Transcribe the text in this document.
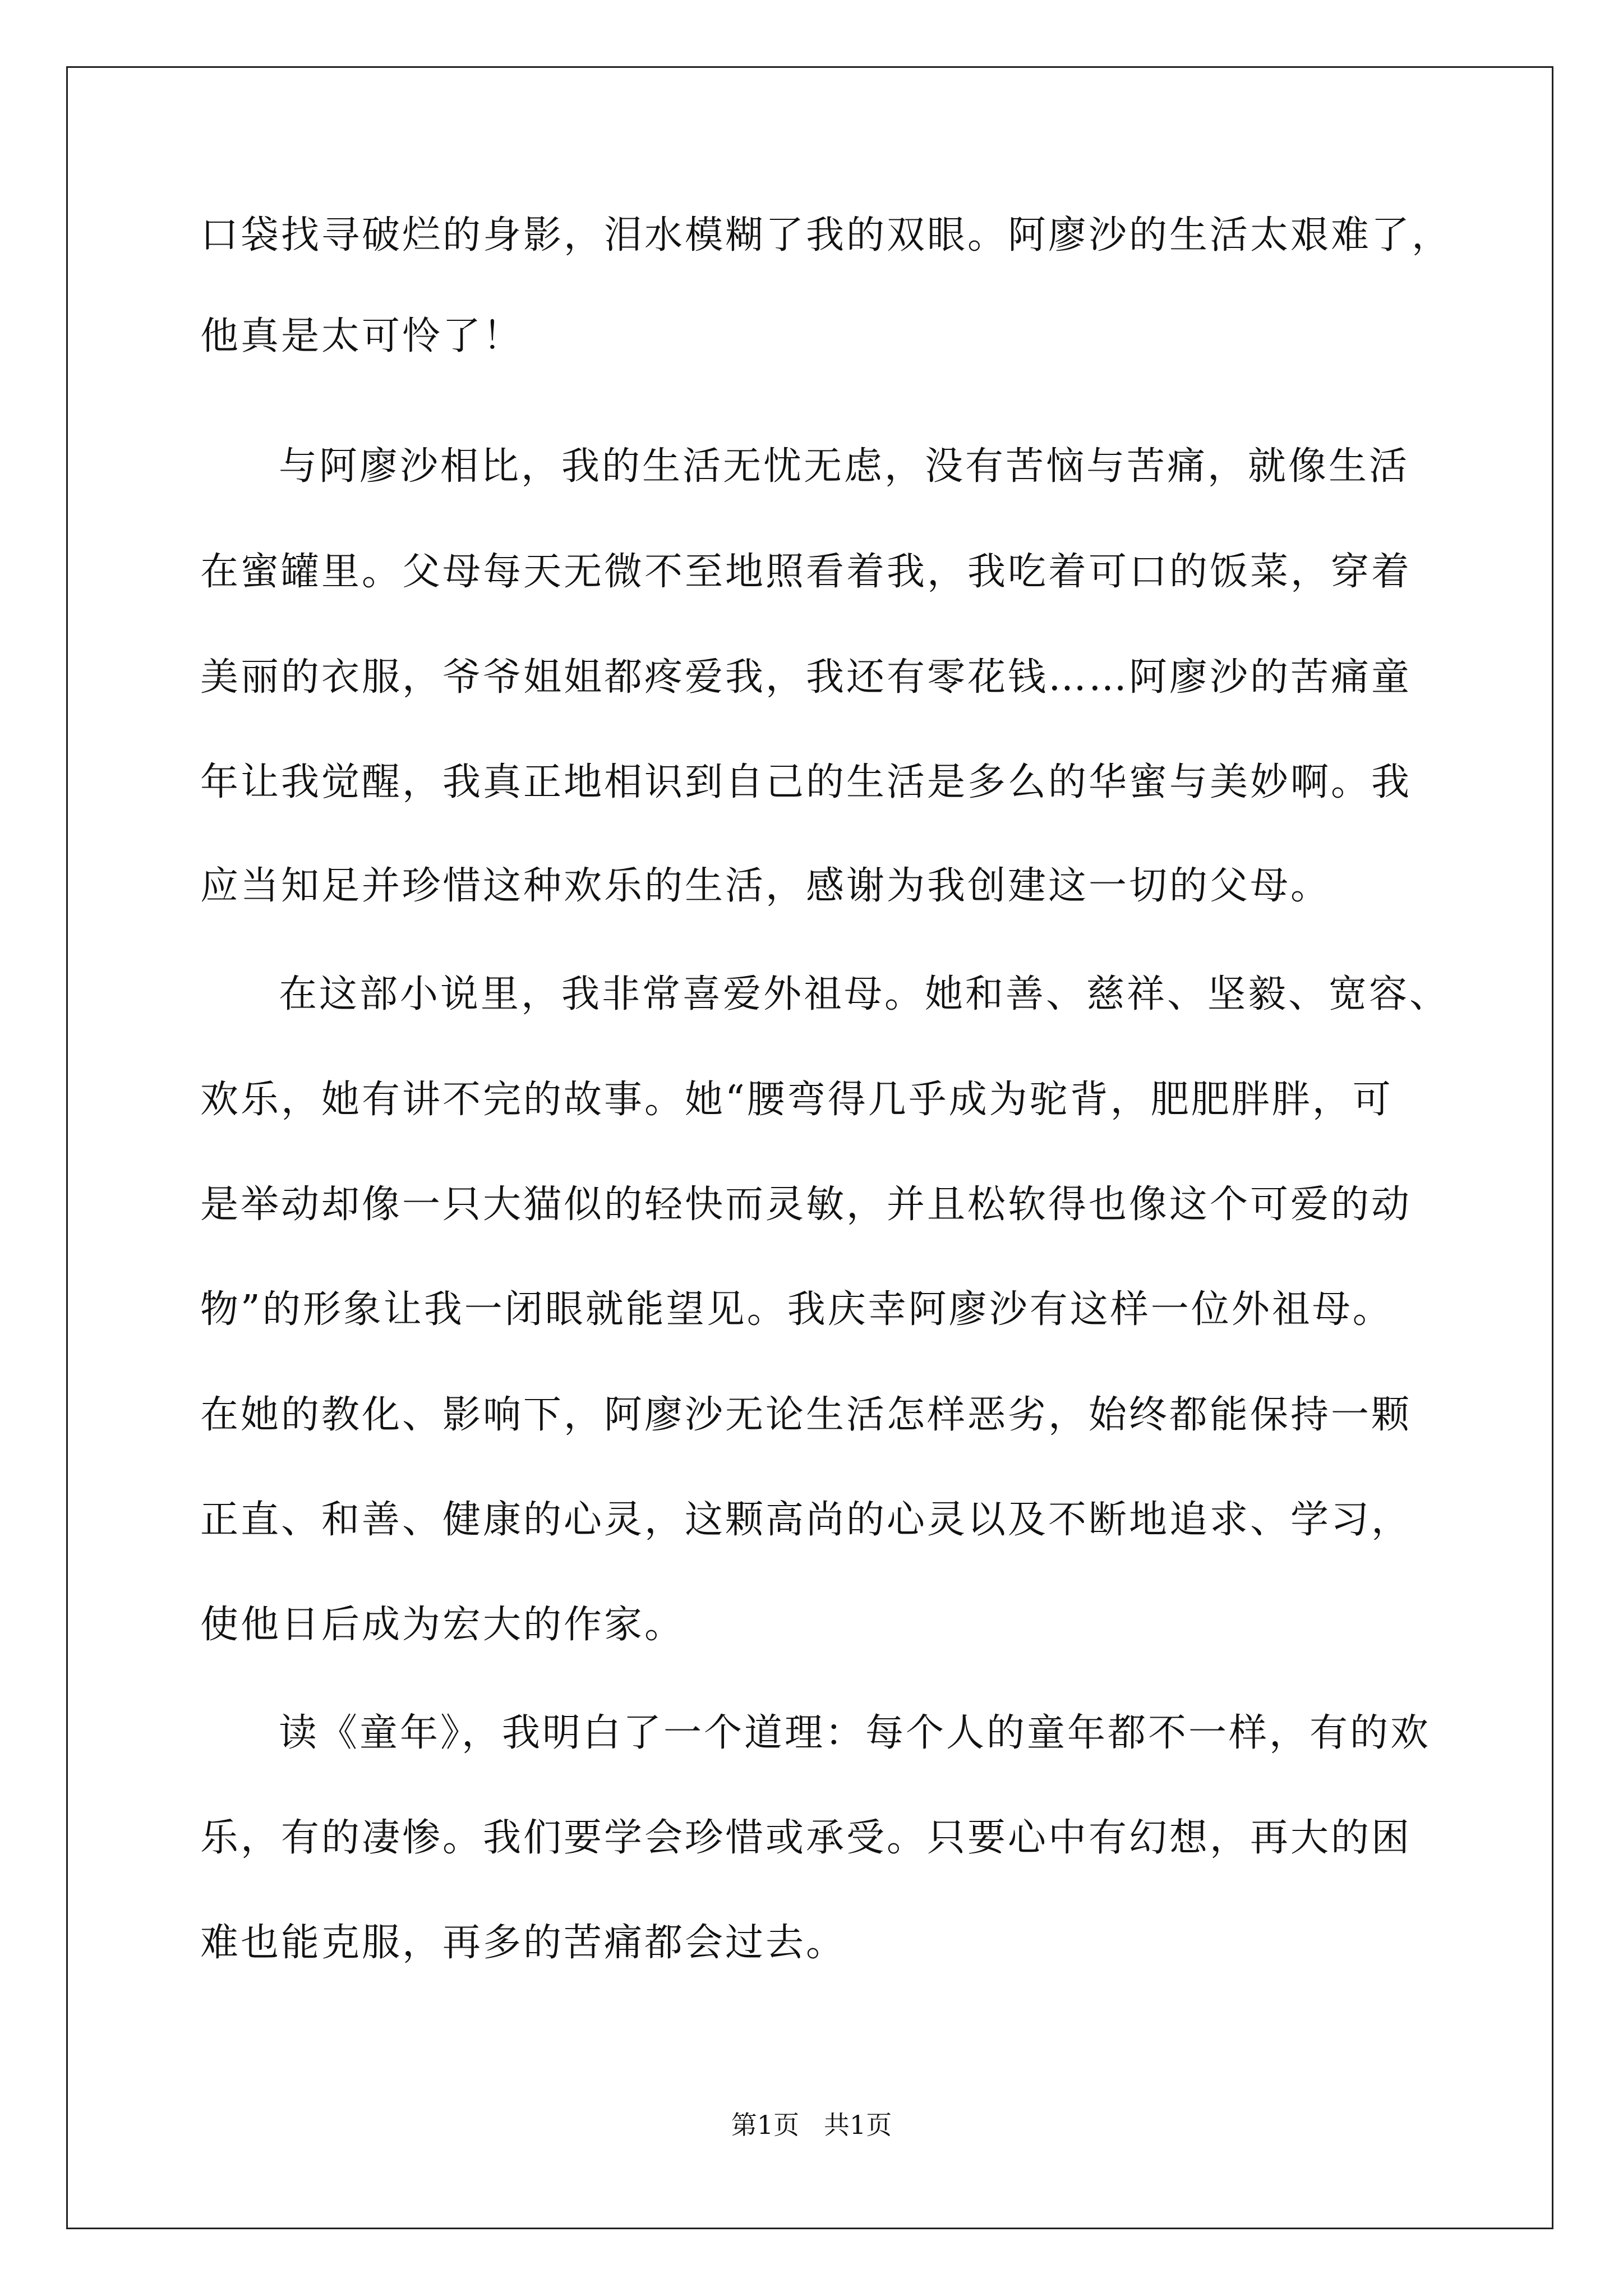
口袋找寻破烂的身影，泪水模糊了我的双眼。阿廖沙的生活太艰难了，
他真是太可怜了！
与阿廖沙相比，我的生活无忧无虑，没有苦恼与苦痛，就像生活
在蜜罐里。父母每天无微不至地照看着我，我吃着可口的饭菜，穿着
美丽的衣服，爷爷姐姐都疼爱我，我还有零花钱……阿廖沙的苦痛童
年让我觉醒，我真正地相识到自己的生活是多么的华蜜与美妙啊。我
应当知足并珍惜这种欢乐的生活，感谢为我创建这一切的父母。
在这部小说里，我非常喜爱外祖母。她和善、慈祥、坚毅、宽容、
欢乐，她有讲不完的故事。她“腰弯得几乎成为驼背，肥肥胖胖，可
是举动却像一只大猫似的轻快而灵敏，并且松软得也像这个可爱的动
物”的形象让我一闭眼就能望见。我庆幸阿廖沙有这样一位外祖母。
在她的教化、影响下，阿廖沙无论生活怎样恶劣，始终都能保持一颗
正直、和善、健康的心灵，这颗高尚的心灵以及不断地追求、学习，
使他日后成为宏大的作家。
读《童年》，我明白了一个道理：每个人的童年都不一样，有的欢
乐，有的凄惨。我们要学会珍惜或承受。只要心中有幻想，再大的困
难也能克服，再多的苦痛都会过去。
第1页   共1页
